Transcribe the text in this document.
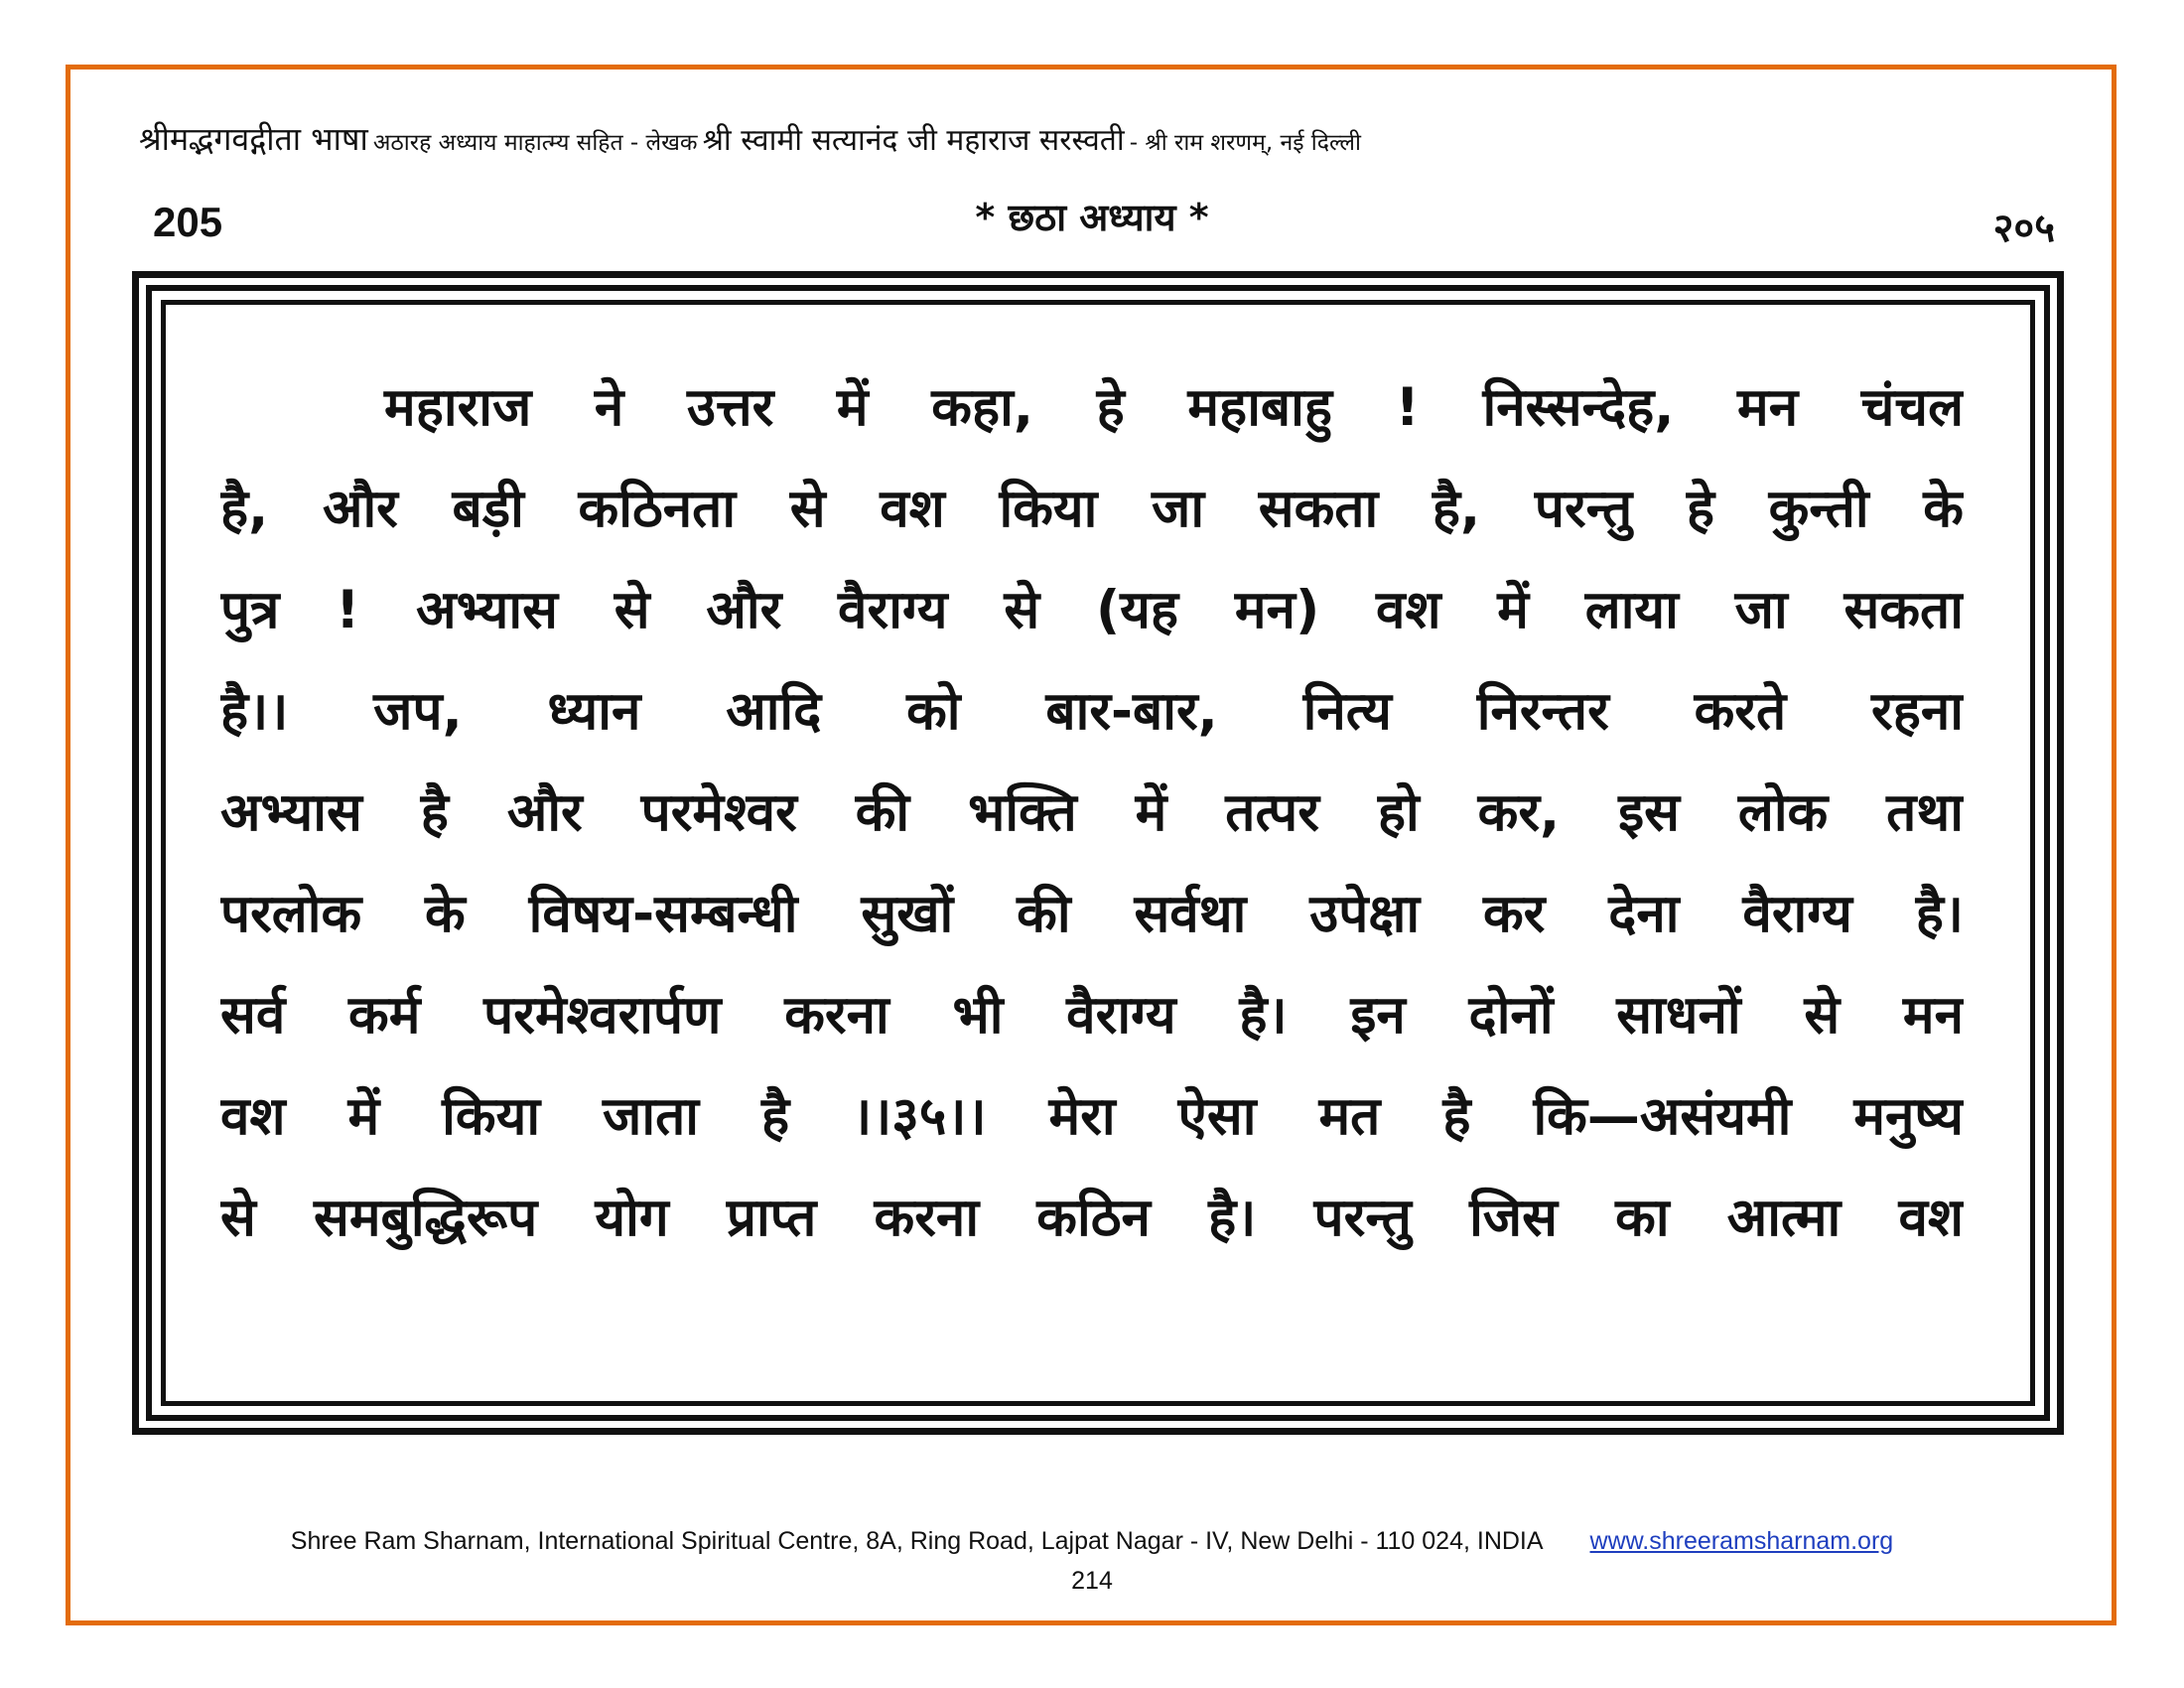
श्रीमद्भगवद्गीता भाषा अठारह अध्याय माहात्म्य सहित - लेखक श्री स्वामी सत्यानंद जी महाराज सरस्वती - श्री राम शरणम्, नई दिल्ली
205	* छठा अध्याय *	२०५
महाराज ने उत्तर में कहा, हे महाबाहु ! निस्सन्देह, मन चंचल
है, और बड़ी कठिनता से वश किया जा सकता है, परन्तु हे कुन्ती के
पुत्र ! अभ्यास से और वैराग्य से (यह मन) वश में लाया जा सकता
है।। जप, ध्यान आदि को बार-बार, नित्य निरन्तर करते रहना
अभ्यास है और परमेश्वर की भक्ति में तत्पर हो कर, इस लोक तथा
परलोक के विषय-सम्बन्धी सुखों की सर्वथा उपेक्षा कर देना वैराग्य है।
सर्व कर्म परमेश्वरार्पण करना भी वैराग्य है। इन दोनों साधनों से मन
वश में किया जाता है ।।३५।। मेरा ऐसा मत है कि—असंयमी मनुष्य
से समबुद्धिरूप योग प्राप्त करना कठिन है। परन्तु जिस का आत्मा वश
Shree Ram Sharnam, International Spiritual Centre, 8A, Ring Road, Lajpat Nagar - IV, New Delhi - 110 024, INDIA www.shreeramsharnam.org
214
